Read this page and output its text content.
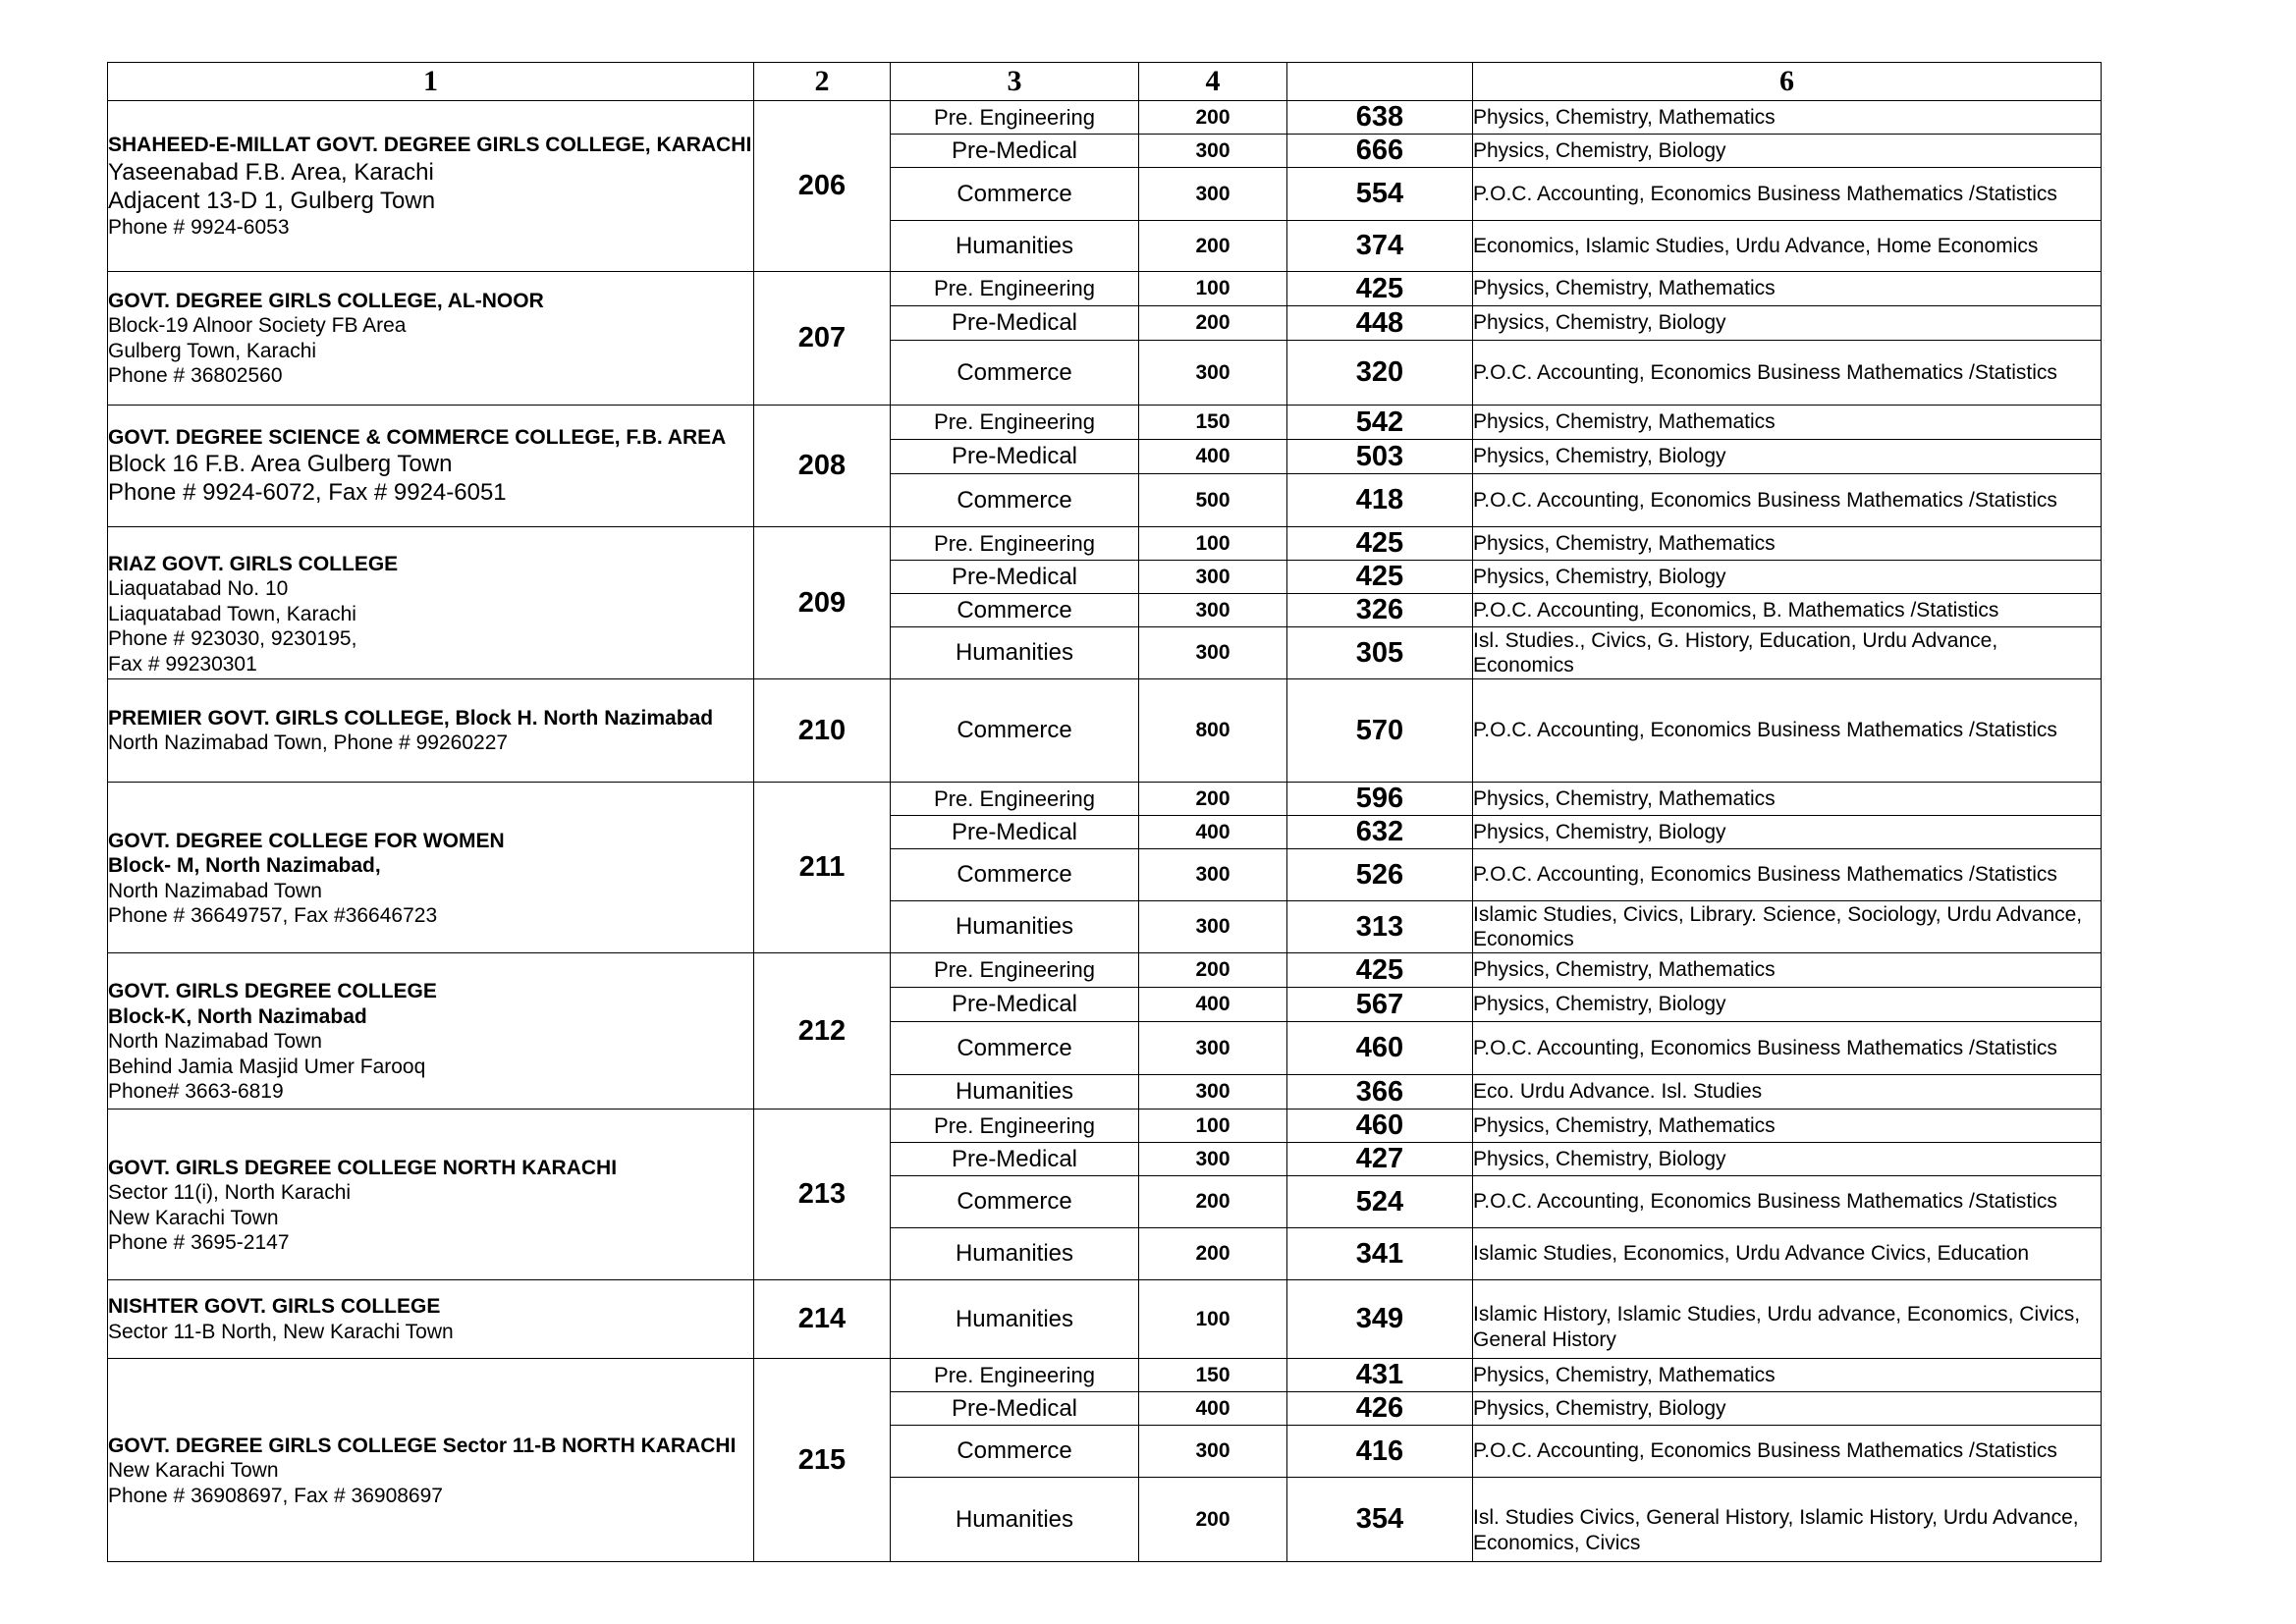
1	2	3	4		6

SHAHEED-E-MILLAT GOVT. DEGREE GIRLS COLLEGE, KARACHI
Yaseenabad F.B. Area, Karachi
Adjacent 13-D 1, Gulberg Town
Phone # 9924-6053	206	Pre. Engineering	200	638	Physics, Chemistry, Mathematics
		Pre-Medical	300	666	Physics, Chemistry, Biology
		Commerce	300	554	P.O.C. Accounting, Economics Business Mathematics /Statistics
		Humanities	200	374	Economics, Islamic Studies, Urdu Advance, Home Economics

GOVT. DEGREE GIRLS COLLEGE, AL-NOOR
Block-19 Alnoor Society FB Area
Gulberg Town, Karachi
Phone # 36802560	207	Pre. Engineering	100	425	Physics, Chemistry, Mathematics
		Pre-Medical	200	448	Physics, Chemistry, Biology
		Commerce	300	320	P.O.C. Accounting, Economics Business Mathematics /Statistics

GOVT. DEGREE SCIENCE & COMMERCE COLLEGE, F.B. AREA
Block 16 F.B. Area Gulberg Town
Phone # 9924-6072, Fax # 9924-6051	208	Pre. Engineering	150	542	Physics, Chemistry, Mathematics
		Pre-Medical	400	503	Physics, Chemistry, Biology
		Commerce	500	418	P.O.C. Accounting, Economics Business Mathematics /Statistics

RIAZ GOVT. GIRLS COLLEGE
Liaquatabad No. 10
Liaquatabad Town, Karachi
Phone # 923030, 9230195,
Fax # 99230301	209	Pre. Engineering	100	425	Physics, Chemistry, Mathematics
		Pre-Medical	300	425	Physics, Chemistry, Biology
		Commerce	300	326	P.O.C. Accounting, Economics, B. Mathematics /Statistics
		Humanities	300	305	Isl. Studies., Civics, G. History, Education, Urdu Advance, Economics

PREMIER GOVT. GIRLS COLLEGE, Block H. North Nazimabad
North Nazimabad Town, Phone # 99260227	210	Commerce	800	570	P.O.C. Accounting, Economics Business Mathematics /Statistics

GOVT. DEGREE COLLEGE FOR WOMEN
Block- M, North Nazimabad,
North Nazimabad Town
Phone # 36649757, Fax #36646723	211	Pre. Engineering	200	596	Physics, Chemistry, Mathematics
		Pre-Medical	400	632	Physics, Chemistry, Biology
		Commerce	300	526	P.O.C. Accounting, Economics Business Mathematics /Statistics
		Humanities	300	313	Islamic Studies, Civics, Library. Science, Sociology, Urdu Advance, Economics

GOVT. GIRLS DEGREE COLLEGE
Block-K, North Nazimabad
North Nazimabad Town
Behind Jamia Masjid Umer Farooq
Phone# 3663-6819	212	Pre. Engineering	200	425	Physics, Chemistry, Mathematics
		Pre-Medical	400	567	Physics, Chemistry, Biology
		Commerce	300	460	P.O.C. Accounting, Economics Business Mathematics /Statistics
		Humanities	300	366	Eco. Urdu Advance. Isl. Studies

GOVT. GIRLS DEGREE COLLEGE NORTH KARACHI
Sector 11(i), North Karachi
New Karachi Town
Phone # 3695-2147	213	Pre. Engineering	100	460	Physics, Chemistry, Mathematics
		Pre-Medical	300	427	Physics, Chemistry, Biology
		Commerce	200	524	P.O.C. Accounting, Economics Business Mathematics /Statistics
		Humanities	200	341	Islamic Studies, Economics, Urdu Advance Civics, Education

NISHTER GOVT. GIRLS COLLEGE
Sector 11-B North, New Karachi Town	214	Humanities	100	349	Islamic History, Islamic Studies, Urdu advance, Economics, Civics, General History

GOVT. DEGREE GIRLS COLLEGE Sector 11-B NORTH KARACHI
New Karachi Town
Phone # 36908697, Fax # 36908697	215	Pre. Engineering	150	431	Physics, Chemistry, Mathematics
		Pre-Medical	400	426	Physics, Chemistry, Biology
		Commerce	300	416	P.O.C. Accounting, Economics Business Mathematics /Statistics
		Humanities	200	354	Isl. Studies Civics, General History, Islamic History, Urdu Advance, Economics, Civics
